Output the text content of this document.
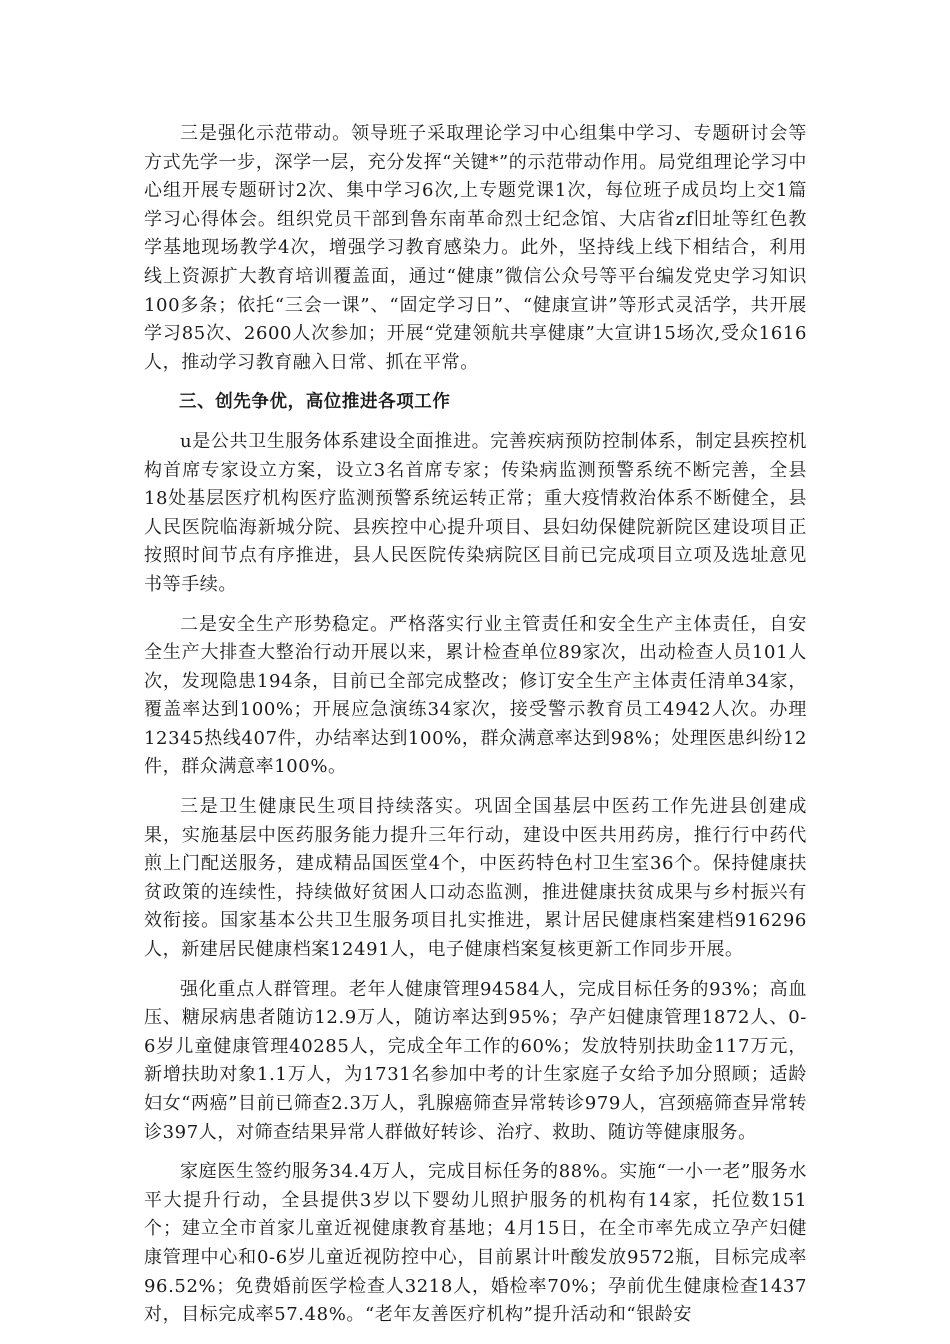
三是强化示范带动。领导班子采取理论学习中心组集中学习、专题研讨会等方式先学一步，深学一层，充分发挥“关键*”的示范带动作用。局党组理论学习中心组开展专题研讨2次、集中学习6次,上专题党课1次，每位班子成员均上交1篇学习心得体会。组织党员干部到鲁东南革命烈士纪念馆、大店省zf旧址等红色教学基地现场教学4次，增强学习教育感染力。此外，坚持线上线下相结合，利用线上资源扩大教育培训覆盖面，通过“健康”微信公众号等平台编发党史学习知识100多条；依托“三会一课”、“固定学习日”、“健康宣讲”等形式灵活学，共开展学习85次、2600人次参加；开展“党建领航共享健康”大宣讲15场次,受众1616人，推动学习教育融入日常、抓在平常。

三、创先争优，高位推进各项工作

u是公共卫生服务体系建设全面推进。完善疾病预防控制体系，制定县疾控机构首席专家设立方案，设立3名首席专家；传染病监测预警系统不断完善，全县18处基层医疗机构医疗监测预警系统运转正常；重大疫情救治体系不断健全，县人民医院临海新城分院、县疾控中心提升项目、县妇幼保健院新院区建设项目正按照时间节点有序推进，县人民医院传染病院区目前已完成项目立项及选址意见书等手续。

二是安全生产形势稳定。严格落实行业主管责任和安全生产主体责任，自安全生产大排查大整治行动开展以来，累计检查单位89家次，出动检查人员101人次，发现隐患194条，目前已全部完成整改；修订安全生产主体责任清单34家，覆盖率达到100%；开展应急演练34家次，接受警示教育员工4942人次。办理12345热线407件，办结率达到100%，群众满意率达到98%；处理医患纠纷12件，群众满意率100%。

三是卫生健康民生项目持续落实。巩固全国基层中医药工作先进县创建成果，实施基层中医药服务能力提升三年行动，建设中医共用药房，推行行中药代煎上门配送服务，建成精品国医堂4个，中医药特色村卫生室36个。保持健康扶贫政策的连续性，持续做好贫困人口动态监测，推进健康扶贫成果与乡村振兴有效衔接。国家基本公共卫生服务项目扎实推进，累计居民健康档案建档916296人，新建居民健康档案12491人，电子健康档案复核更新工作同步开展。

强化重点人群管理。老年人健康管理94584人，完成目标任务的93%；高血压、糖尿病患者随访12.9万人，随访率达到95%；孕产妇健康管理1872人、0-6岁儿童健康管理40285人，完成全年工作的60%；发放特别扶助金117万元，新增扶助对象1.1万人，为1731名参加中考的计生家庭子女给予加分照顾；适龄妇女“两癌”目前已筛查2.3万人，乳腺癌筛查异常转诊979人，宫颈癌筛查异常转诊397人，对筛查结果异常人群做好转诊、治疗、救助、随访等健康服务。

家庭医生签约服务34.4万人，完成目标任务的88%。实施“一小一老”服务水平大提升行动，全县提供3岁以下婴幼儿照护服务的机构有14家，托位数151个；建立全市首家儿童近视健康教育基地；4月15日，在全市率先成立孕产妇健康管理中心和0-6岁儿童近视防控中心，目前累计叶酸发放9572瓶，目标完成率96.52%；免费婚前医学检查人3218人，婚检率70%；孕前优生健康检查1437对，目标完成率57.48%。“老年友善医疗机构”提升活动和“银龄安
